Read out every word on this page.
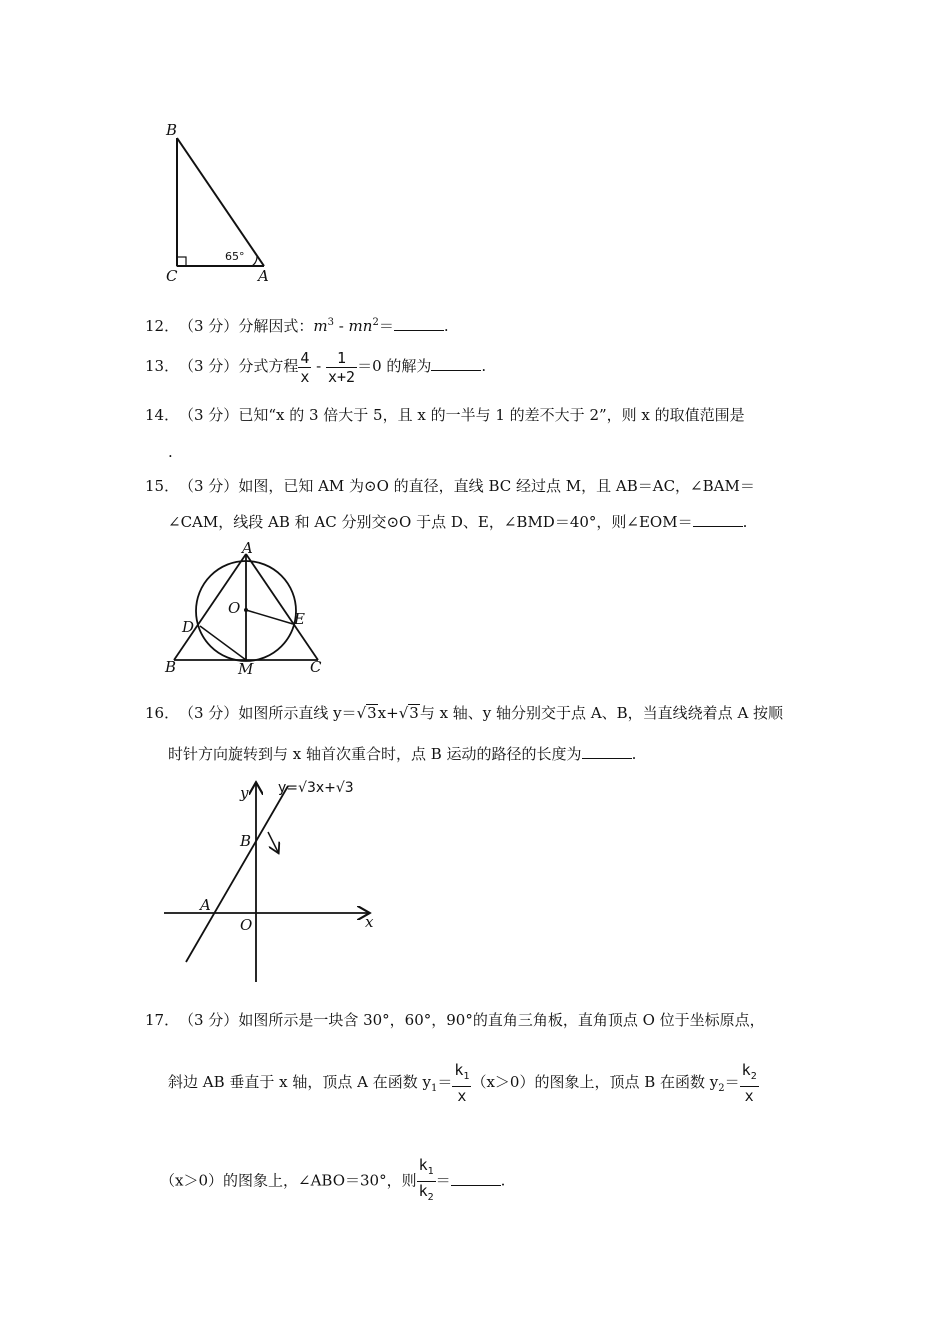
B
C	A
65°
12．（3 分）分解因式：$m^3 - mn^2=$	.
13．（3 分）分式方程 $\frac{4}{x} - \frac{1}{x+2} =0$ 的解为	.
14．（3 分）已知“x 的 3 倍大于 5，且 x 的一半与 1 的差不大于 2”，则 x 的取值范围是
.
15．（3 分）如图，已知 AM 为⊙O 的直径，直线 BC 经过点 M，且 AB＝AC，∠BAM＝
∠CAM，线段 AB 和 AC 分别交⊙O 于点 D、E，∠BMD＝40°，则∠EOM＝	.
A
O
D	E
B	M	C
16．（3 分）如图所示直线 y＝√3x+√3与 x 轴、y 轴分别交于点 A、B，当直线绕着点 A 按顺
时针方向旋转到与 x 轴首次重合时，点 B 运动的路径的长度为	.
y=√3x+√3
y
x
B
A
O
17．（3 分）如图所示是一块含 30°，60°，90°的直角三角板，直角顶点 O 位于坐标原点，
斜边 AB 垂直于 x 轴，顶点 A 在函数 $y_1= \frac{k_1}{x} (x>0)$的图象上，顶点 B 在函数 $y_2= \frac{k_2}{x}$
（x＞0）的图象上，∠ABO＝30°，则 $\frac{k_1}{k_2}$ ＝	.
